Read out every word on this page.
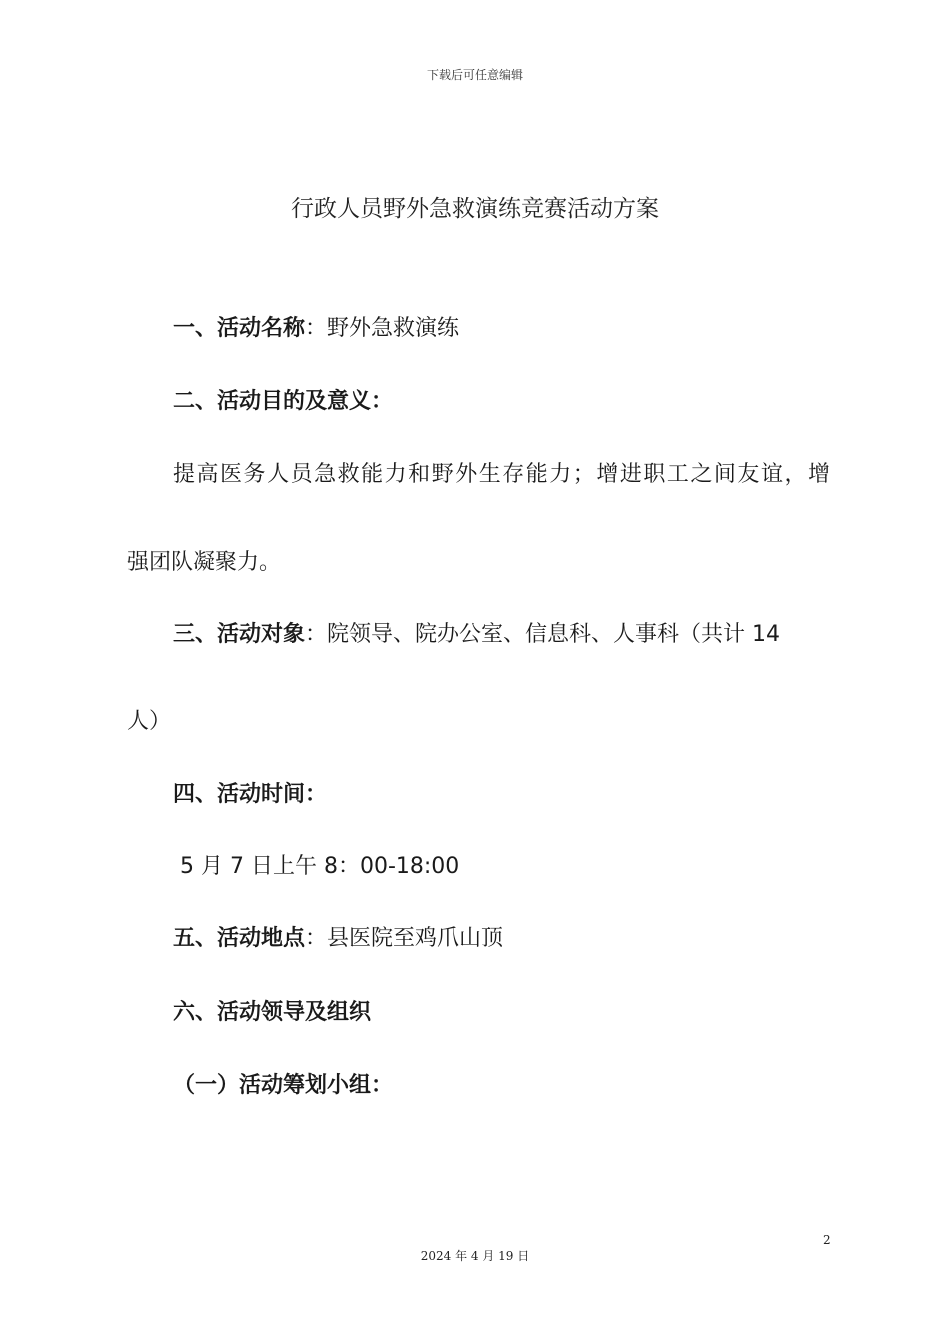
下载后可任意编辑
行政人员野外急救演练竞赛活动方案
一、活动名称：野外急救演练
二、活动目的及意义：
提高医务人员急救能力和野外生存能力；增进职工之间友谊，增
强团队凝聚力。
三、活动对象：院领导、院办公室、信息科、人事科（共计 14
人）
四、活动时间：
5 月 7 日上午 8：00-18:00
五、活动地点：县医院至鸡爪山顶
六、活动领导及组织
（一）活动筹划小组：
2
2024 年 4 月 19 日
